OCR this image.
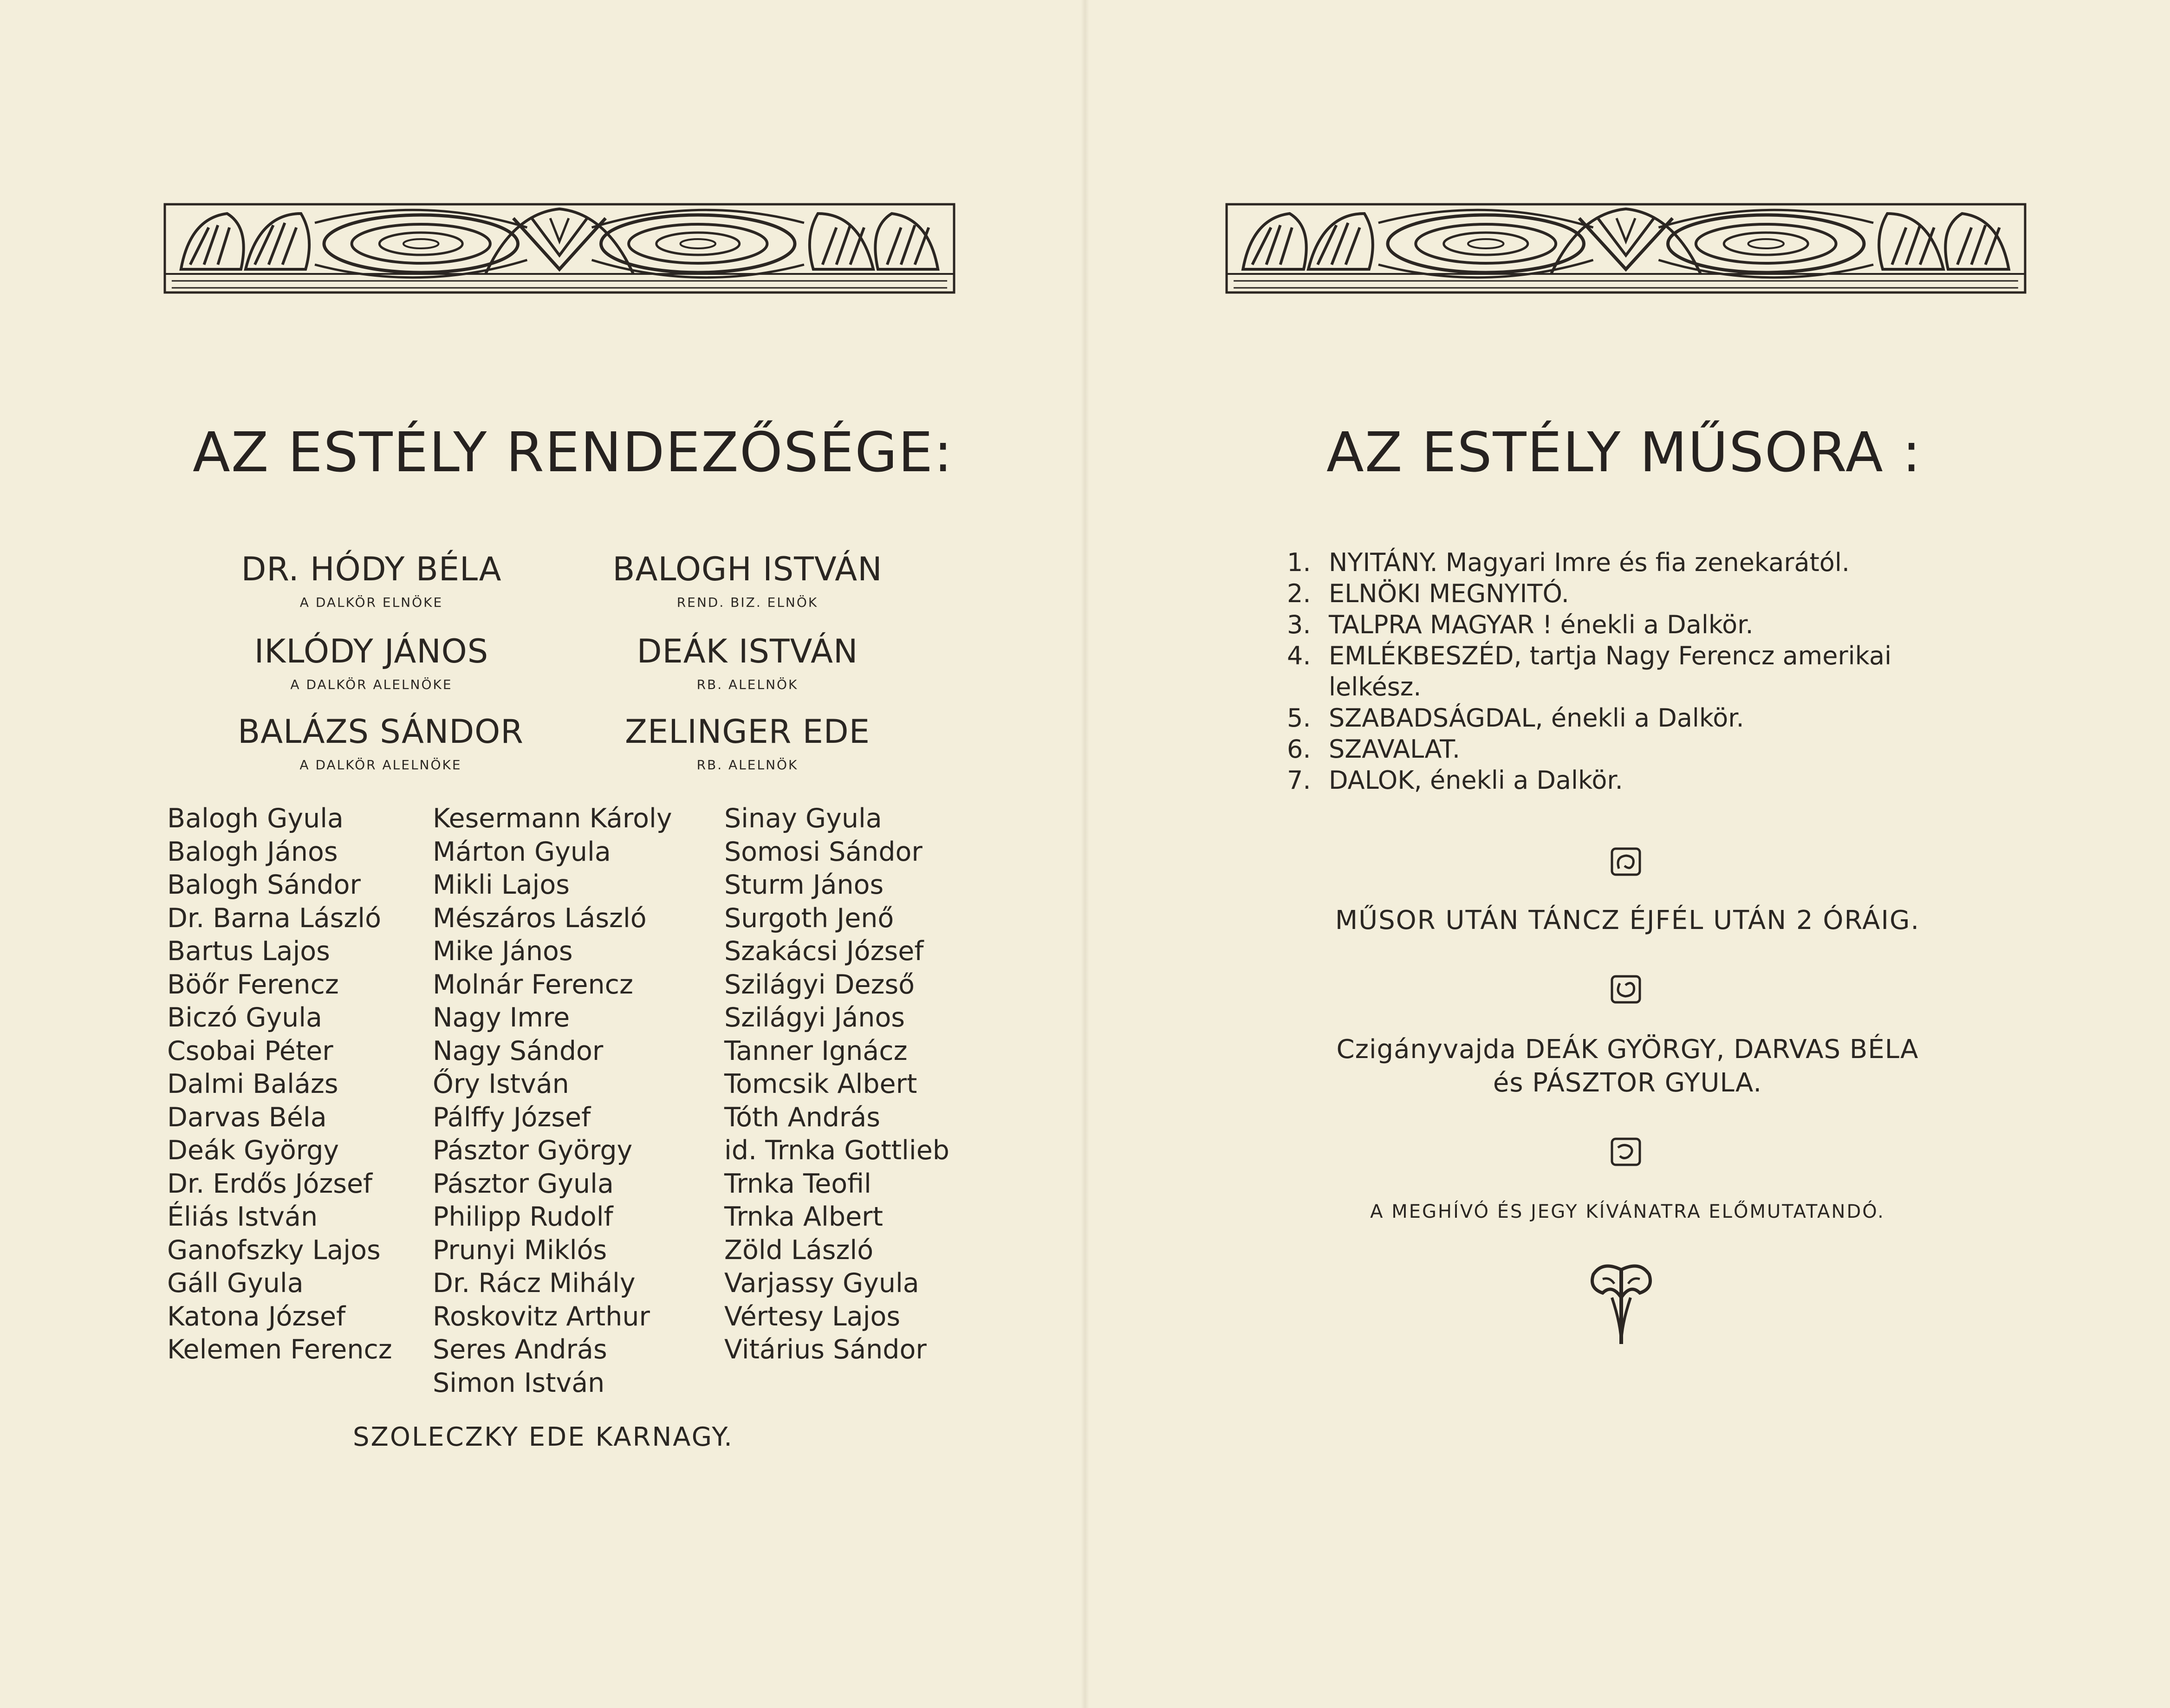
AZ ESTÉLY RENDEZŐSÉGE:
DR. HÓDY BÉLA
A DALKÖR ELNÖKE
BALOGH ISTVÁN
REND. BIZ. ELNÖK
IKLÓDY JÁNOS
A DALKÖR ALELNÖKE
DEÁK ISTVÁN
RB. ALELNÖK
BALÁZS SÁNDOR
A DALKÖR ALELNÖKE
ZELINGER EDE
RB. ALELNÖK
Balogh Gyula
Balogh János
Balogh Sándor
Dr. Barna László
Bartus Lajos
Böőr Ferencz
Biczó Gyula
Csobai Péter
Dalmi Balázs
Darvas Béla
Deák György
Dr. Erdős József
Éliás István
Ganofszky Lajos
Gáll Gyula
Katona József
Kelemen Ferencz
Kesermann Károly
Márton Gyula
Mikli Lajos
Mészáros László
Mike János
Molnár Ferencz
Nagy Imre
Nagy Sándor
Őry István
Pálffy József
Pásztor György
Pásztor Gyula
Philipp Rudolf
Prunyi Miklós
Dr. Rácz Mihály
Roskovitz Arthur
Seres András
Simon István
Sinay Gyula
Somosi Sándor
Sturm János
Surgoth Jenő
Szakácsi József
Szilágyi Dezső
Szilágyi János
Tanner Ignácz
Tomcsik Albert
Tóth András
id. Trnka Gottlieb
Trnka Teofil
Trnka Albert
Zöld László
Varjassy Gyula
Vértesy Lajos
Vitárius Sándor
SZOLECZKY EDE KARNAGY.
AZ ESTÉLY MŰSORA :
1. NYITÁNY. Magyari Imre és fia zenekarától.
2. ELNÖKI MEGNYITÓ.
3. TALPRA MAGYAR ! énekli a Dalkör.
4. EMLÉKBESZÉD, tartja Nagy Ferencz amerikai
lelkész.
5. SZABADSÁGDAL, énekli a Dalkör.
6. SZAVALAT.
7. DALOK, énekli a Dalkör.
MŰSOR UTÁN TÁNCZ ÉJFÉL UTÁN 2 ÓRÁIG.
Czigányvajda DEÁK GYÖRGY, DARVAS BÉLA
és PÁSZTOR GYULA.
A MEGHÍVÓ ÉS JEGY KÍVÁNATRA ELŐMUTATANDÓ.
